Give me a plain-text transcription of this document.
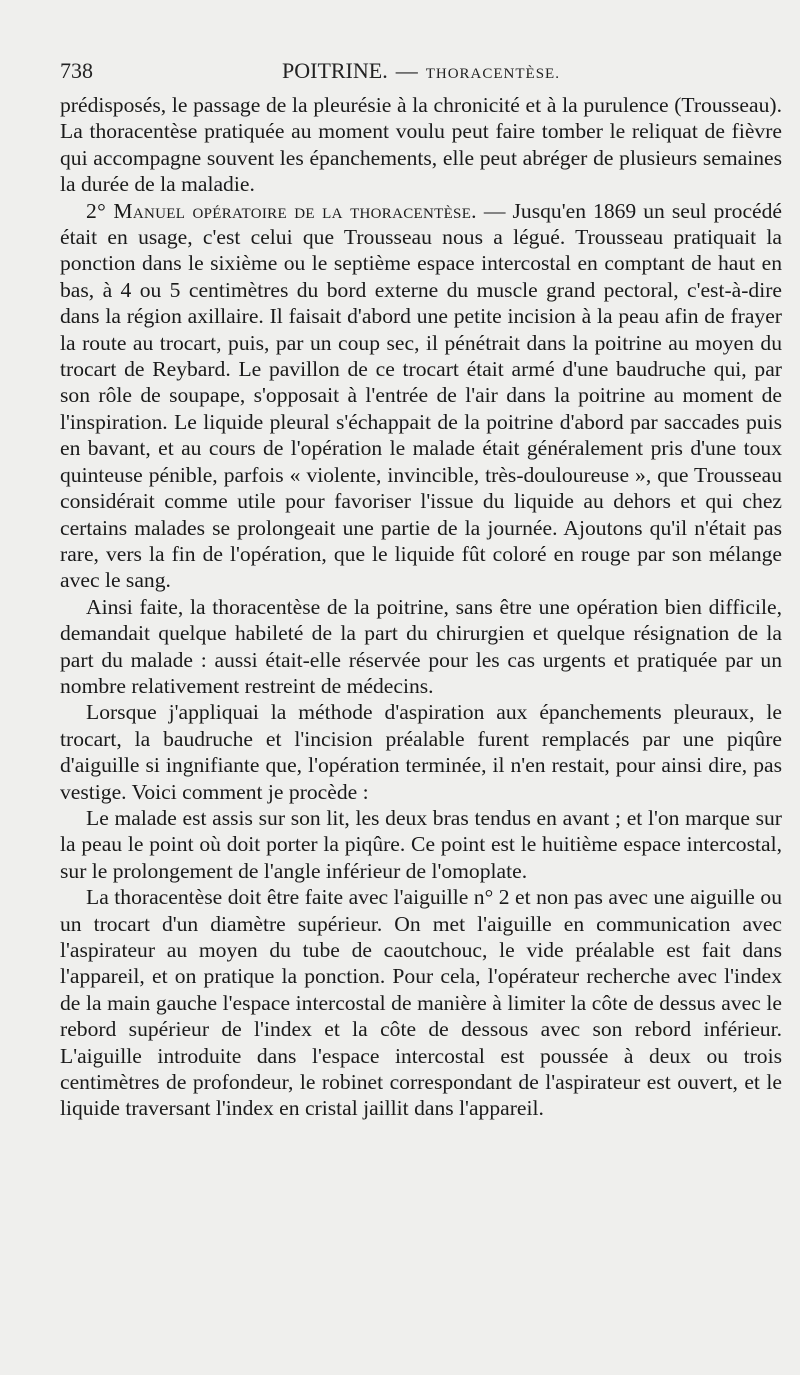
738	POITRINE. — THORACENTÈSE.

prédisposés, le passage de la pleurésie à la chronicité et à la purulence (Trousseau). La thoracentèse pratiquée au moment voulu peut faire tomber le reliquat de fièvre qui accompagne souvent les épanchements, elle peut abréger de plusieurs semaines la durée de la maladie.

2° Manuel opératoire de la thoracentèse. — Jusqu'en 1869 un seul procédé était en usage, c'est celui que Trousseau nous a légué. Trousseau pratiquait la ponction dans le sixième ou le septième espace intercostal en comptant de haut en bas, à 4 ou 5 centimètres du bord externe du muscle grand pectoral, c'est-à-dire dans la région axillaire. Il faisait d'abord une petite incision à la peau afin de frayer la route au trocart, puis, par un coup sec, il pénétrait dans la poitrine au moyen du trocart de Reybard. Le pavillon de ce trocart était armé d'une baudruche qui, par son rôle de soupape, s'opposait à l'entrée de l'air dans la poitrine au moment de l'inspiration. Le liquide pleural s'échappait de la poitrine d'abord par saccades puis en bavant, et au cours de l'opération le malade était généralement pris d'une toux quinteuse pénible, parfois « violente, invincible, très-douloureuse », que Trousseau considérait comme utile pour favoriser l'issue du liquide au dehors et qui chez certains malades se prolongeait une partie de la journée. Ajoutons qu'il n'était pas rare, vers la fin de l'opération, que le liquide fût coloré en rouge par son mélange avec le sang.

Ainsi faite, la thoracentèse de la poitrine, sans être une opération bien difficile, demandait quelque habileté de la part du chirurgien et quelque résignation de la part du malade : aussi était-elle réservée pour les cas urgents et pratiquée par un nombre relativement restreint de médecins.

Lorsque j'appliquai la méthode d'aspiration aux épanchements pleuraux, le trocart, la baudruche et l'incision préalable furent remplacés par une piqûre d'aiguille si ingnifiante que, l'opération terminée, il n'en restait, pour ainsi dire, pas vestige. Voici comment je procède :

Le malade est assis sur son lit, les deux bras tendus en avant ; et l'on marque sur la peau le point où doit porter la piqûre. Ce point est le huitième espace intercostal, sur le prolongement de l'angle inférieur de l'omoplate.

La thoracentèse doit être faite avec l'aiguille n° 2 et non pas avec une aiguille ou un trocart d'un diamètre supérieur. On met l'aiguille en communication avec l'aspirateur au moyen du tube de caoutchouc, le vide préalable est fait dans l'appareil, et on pratique la ponction. Pour cela, l'opérateur recherche avec l'index de la main gauche l'espace intercostal de manière à limiter la côte de dessus avec le rebord supérieur de l'index et la côte de dessous avec son rebord inférieur. L'aiguille introduite dans l'espace intercostal est poussée à deux ou trois centimètres de profondeur, le robinet correspondant de l'aspirateur est ouvert, et le liquide traversant l'index en cristal jaillit dans l'appareil.
